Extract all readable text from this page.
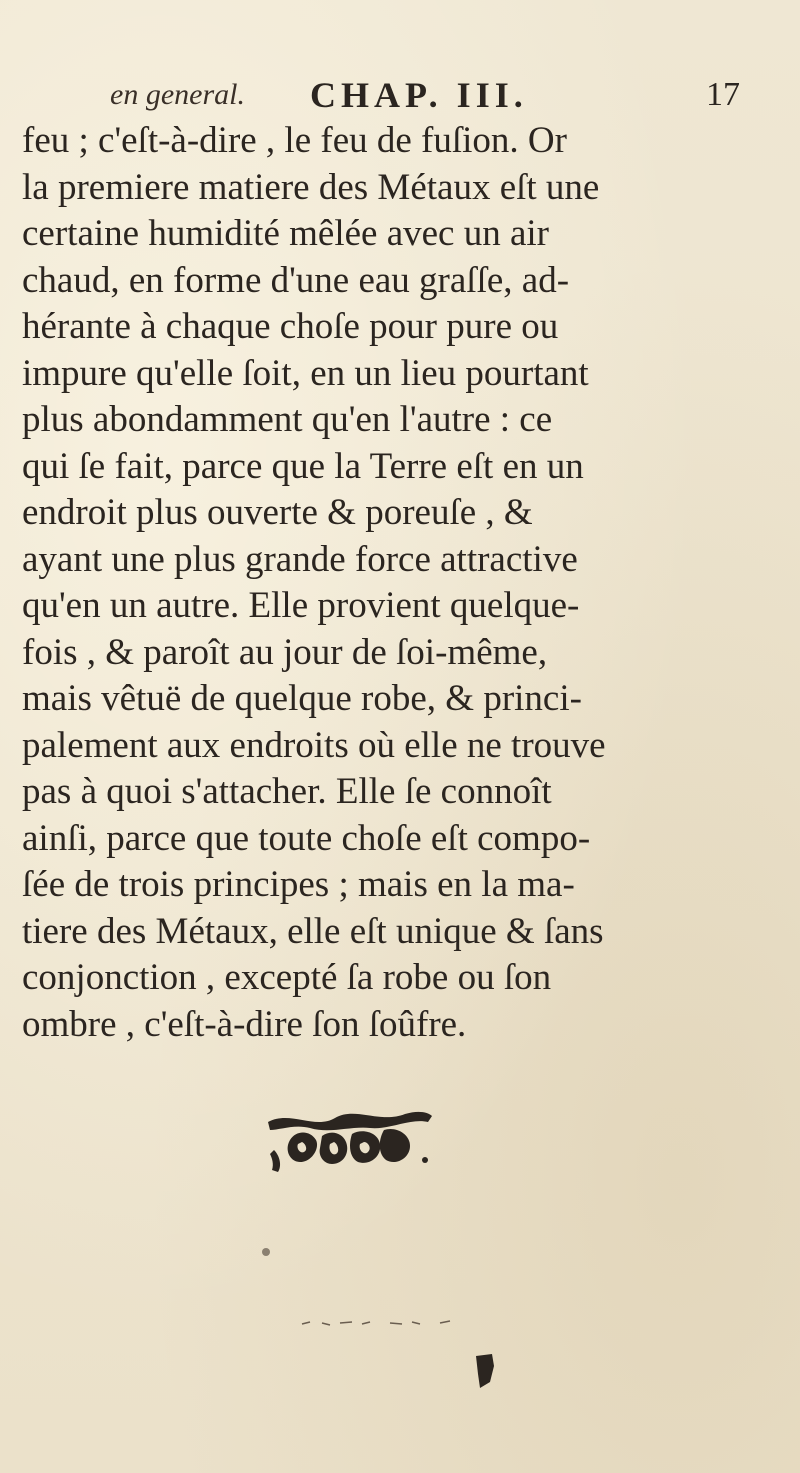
en general. CHAP. III.	17
feu ; c'eſt-à-dire , le feu de fuſion. Or
la premiere matiere des Métaux eſt une
certaine humidité mêlée avec un air
chaud, en forme d'une eau graſſe, ad-
hérante à chaque choſe pour pure ou
impure qu'elle ſoit, en un lieu pourtant
plus abondamment qu'en l'autre : ce
qui ſe fait, parce que la Terre eſt en un
endroit plus ouverte & poreuſe , &
ayant une plus grande force attractive
qu'en un autre. Elle provient quelque-
fois , & paroît au jour de ſoi-même,
mais vêtuë de quelque robe, & princi-
palement aux endroits où elle ne trouve
pas à quoi s'attacher. Elle ſe connoît
ainſi, parce que toute choſe eſt compo-
ſée de trois principes ; mais en la ma-
tiere des Métaux, elle eſt unique & ſans
conjonction , excepté ſa robe ou ſon
ombre , c'eſt-à-dire ſon ſoûfre.
